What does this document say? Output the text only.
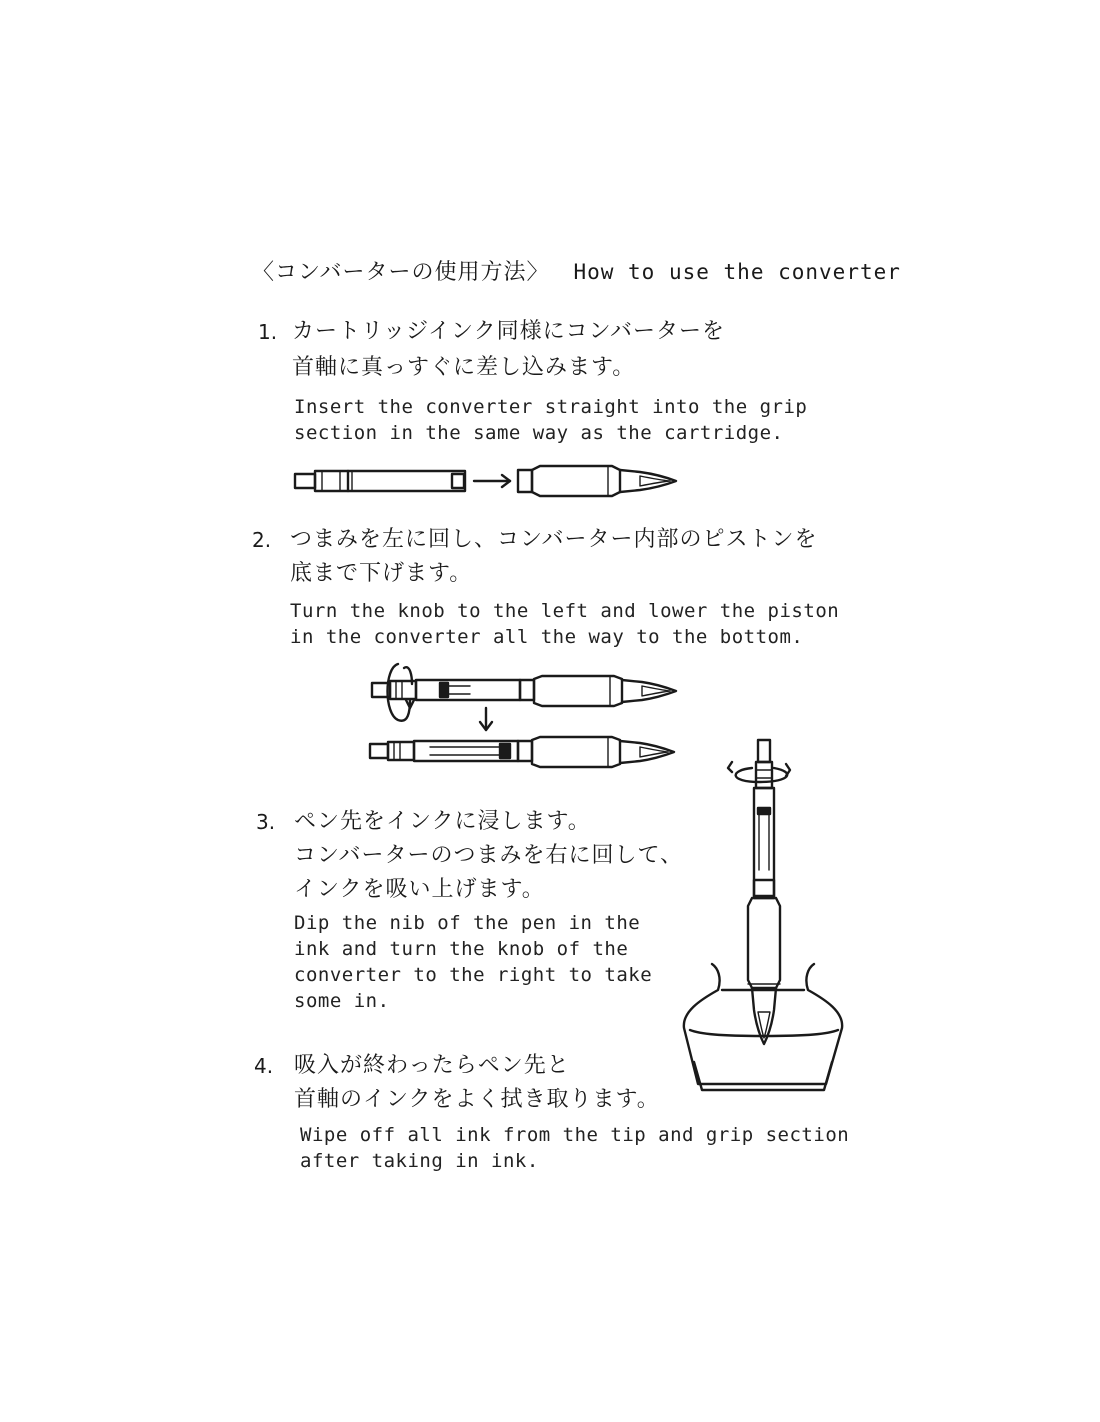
〈コンバーターの使用方法〉 How to use the converter
1. カートリッジインク同様にコンバーターを
首軸に真っすぐに差し込みます。
Insert the converter straight into the grip
section in the same way as the cartridge.
2. つまみを左に回し、コンバーター内部のピストンを
底まで下げます。
Turn the knob to the left and lower the piston
in the converter all the way to the bottom.
3. ペン先をインクに浸します。
コンバーターのつまみを右に回して、
インクを吸い上げます。
Dip the nib of the pen in the
ink and turn the knob of the
converter to the right to take
some in.
4. 吸入が終わったらペン先と
首軸のインクをよく拭き取ります。
Wipe off all ink from the tip and grip section
after taking in ink.
